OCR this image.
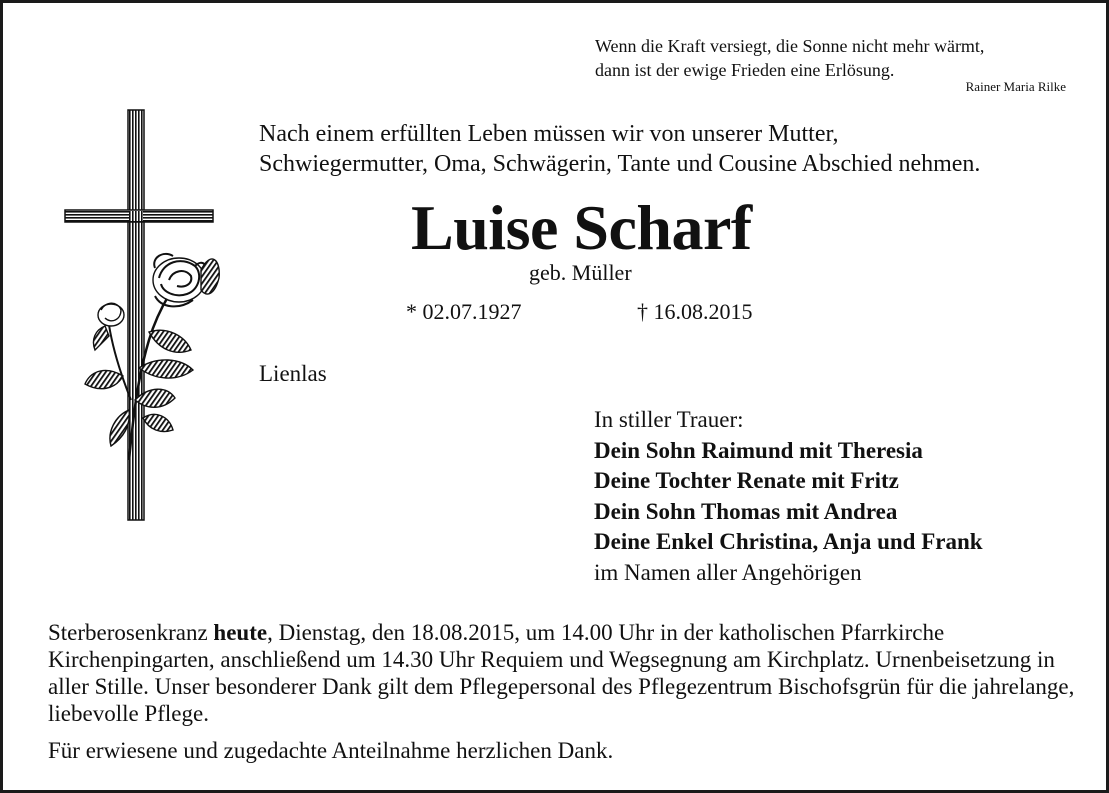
Wenn die Kraft versiegt, die Sonne nicht mehr wärmt,
dann ist der ewige Frieden eine Erlösung.
Rainer Maria Rilke
Nach einem erfüllten Leben müssen wir von unserer Mutter,
Schwiegermutter, Oma, Schwägerin, Tante und Cousine Abschied nehmen.
Luise Scharf
geb. Müller
* 02.07.1927	† 16.08.2015
Lienlas
In stiller Trauer:
Dein Sohn Raimund mit Theresia
Deine Tochter Renate mit Fritz
Dein Sohn Thomas mit Andrea
Deine Enkel Christina, Anja und Frank
im Namen aller Angehörigen
Sterberosenkranz heute, Dienstag, den 18.08.2015, um 14.00 Uhr in der katholischen Pfarrkirche Kirchenpingarten, anschließend um 14.30 Uhr Requiem und Wegsegnung am Kirchplatz. Urnenbeisetzung in aller Stille. Unser besonderer Dank gilt dem Pflegepersonal des Pflegezentrum Bischofsgrün für die jahrelange, liebevolle Pflege.
Für erwiesene und zugedachte Anteilnahme herzlichen Dank.
